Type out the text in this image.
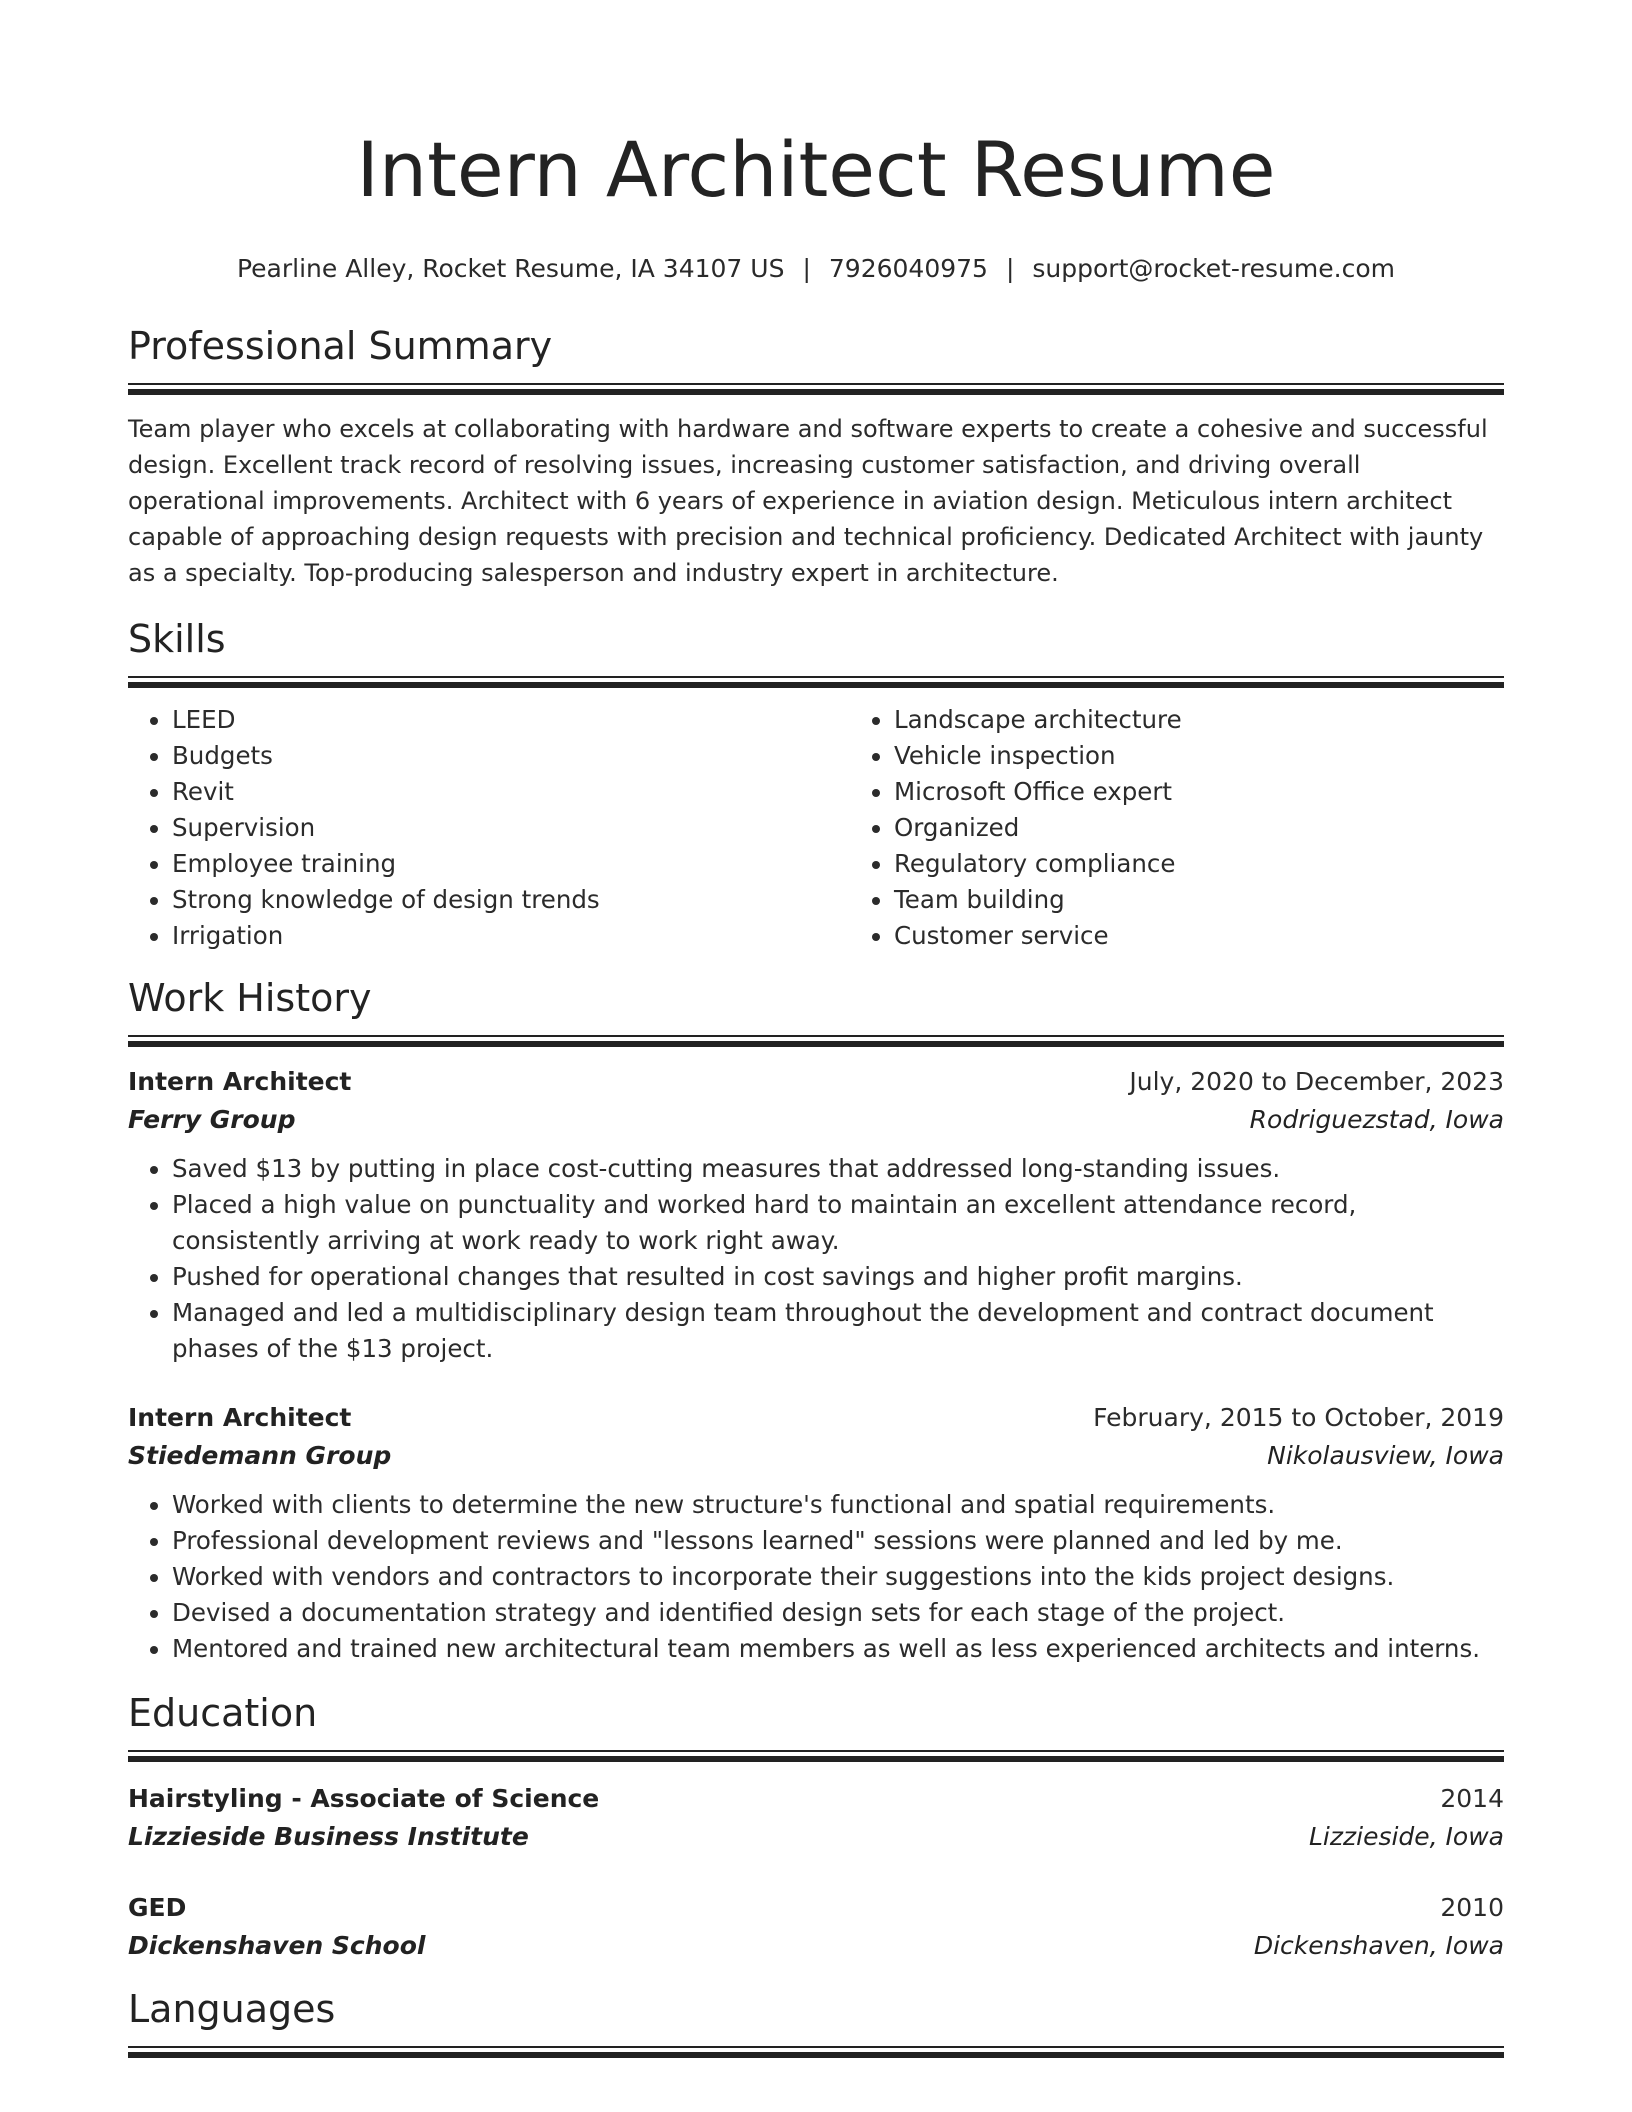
Intern Architect Resume
Pearline Alley, Rocket Resume, IA 34107 US | 7926040975 | support@rocket-resume.com
Professional Summary
Team player who excels at collaborating with hardware and software experts to create a cohesive and successful design. Excellent track record of resolving issues, increasing customer satisfaction, and driving overall operational improvements. Architect with 6 years of experience in aviation design. Meticulous intern architect capable of approaching design requests with precision and technical proficiency. Dedicated Architect with jaunty as a specialty. Top-producing salesperson and industry expert in architecture.
Skills
• LEED
• Budgets
• Revit
• Supervision
• Employee training
• Strong knowledge of design trends
• Irrigation
• Landscape architecture
• Vehicle inspection
• Microsoft Office expert
• Organized
• Regulatory compliance
• Team building
• Customer service
Work History
Intern Architect	July, 2020 to December, 2023
Ferry Group	Rodriguezstad, Iowa
• Saved $13 by putting in place cost-cutting measures that addressed long-standing issues.
• Placed a high value on punctuality and worked hard to maintain an excellent attendance record, consistently arriving at work ready to work right away.
• Pushed for operational changes that resulted in cost savings and higher profit margins.
• Managed and led a multidisciplinary design team throughout the development and contract document phases of the $13 project.
Intern Architect	February, 2015 to October, 2019
Stiedemann Group	Nikolausview, Iowa
• Worked with clients to determine the new structure's functional and spatial requirements.
• Professional development reviews and "lessons learned" sessions were planned and led by me.
• Worked with vendors and contractors to incorporate their suggestions into the kids project designs.
• Devised a documentation strategy and identified design sets for each stage of the project.
• Mentored and trained new architectural team members as well as less experienced architects and interns.
Education
Hairstyling - Associate of Science	2014
Lizzieside Business Institute	Lizzieside, Iowa
GED	2010
Dickenshaven School	Dickenshaven, Iowa
Languages
